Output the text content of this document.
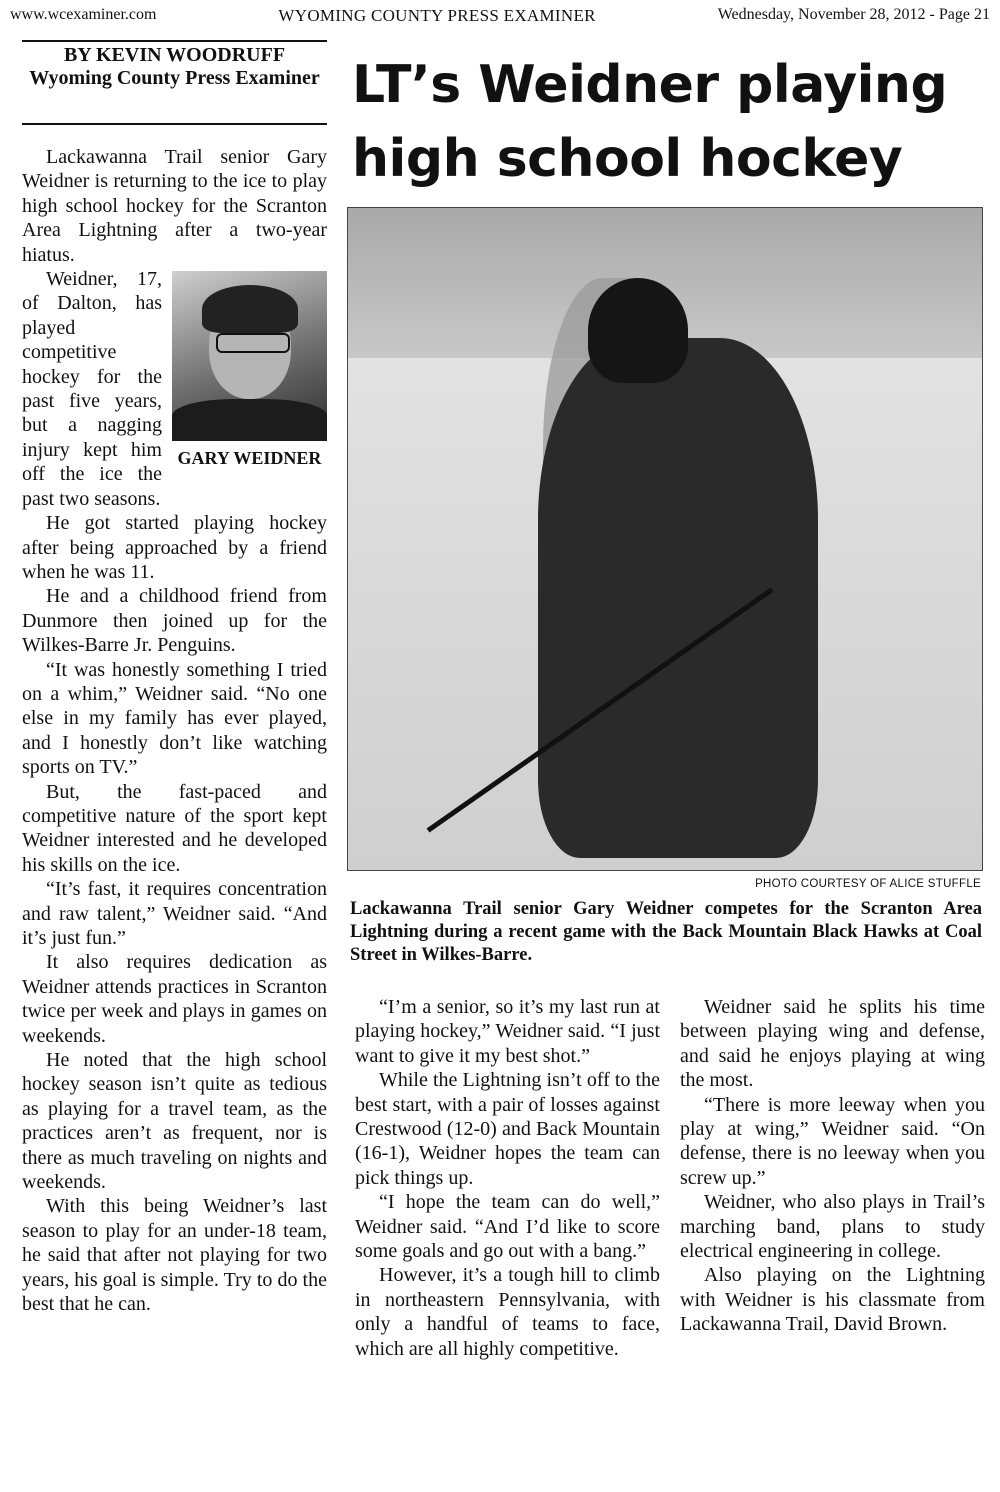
www.wcexaminer.com	WYOMING COUNTY PRESS EXAMINER	Wednesday, November 28, 2012 - Page 21
BY KEVIN WOODRUFF
Wyoming County Press Examiner LT’s Weidner playing high school hockey

Lackawanna Trail senior Gary Weidner is returning to the ice to play high school hockey for the Scranton Area Lightning after a two-year hiatus.

GARY WEIDNER

Weidner, 17, of Dalton, has played competitive hockey for the past five years, but a nagging injury kept him off the ice the past two seasons.

He got started playing hockey after being approached by a friend when he was 11.

He and a childhood friend from Dunmore then joined up for the Wilkes-Barre Jr. Penguins.

“It was honestly something I tried on a whim,” Weidner said. “No one else in my family has ever played, and I honestly don’t like watching sports on TV.”

But, the fast-paced and competitive nature of the sport kept Weidner interested and he developed his skills on the ice.

“It’s fast, it requires concentration and raw talent,” Weidner said. “And it’s just fun.”

It also requires dedication as Weidner attends practices in Scranton twice per week and plays in games on weekends.

He noted that the high school hockey season isn’t quite as tedious as playing for a travel team, as the practices aren’t as frequent, nor is there as much traveling on nights and weekends.

With this being Weidner’s last season to play for an under-18 team, he said that after not playing for two years, his goal is simple. Try to do the best that he can.

PHOTO COURTESY OF ALICE STUFFLE
Lackawanna Trail senior Gary Weidner competes for the Scranton Area Lightning during a recent game with the Back Mountain Black Hawks at Coal Street in Wilkes-Barre.

“I’m a senior, so it’s my last run at playing hockey,” Weidner said. “I just want to give it my best shot.”

While the Lightning isn’t off to the best start, with a pair of losses against Crestwood (12-0) and Back Mountain (16-1), Weidner hopes the team can pick things up.

“I hope the team can do well,” Weidner said. “And I’d like to score some goals and go out with a bang.”

However, it’s a tough hill to climb in northeastern Pennsylvania, with only a handful of teams to face, which are all highly competitive.

Weidner said he splits his time between playing wing and defense, and said he enjoys playing at wing the most.

“There is more leeway when you play at wing,” Weidner said. “On defense, there is no leeway when you screw up.”

Weidner, who also plays in Trail’s marching band, plans to study electrical engineering in college.

Also playing on the Lightning with Weidner is his classmate from Lackawanna Trail, David Brown.
